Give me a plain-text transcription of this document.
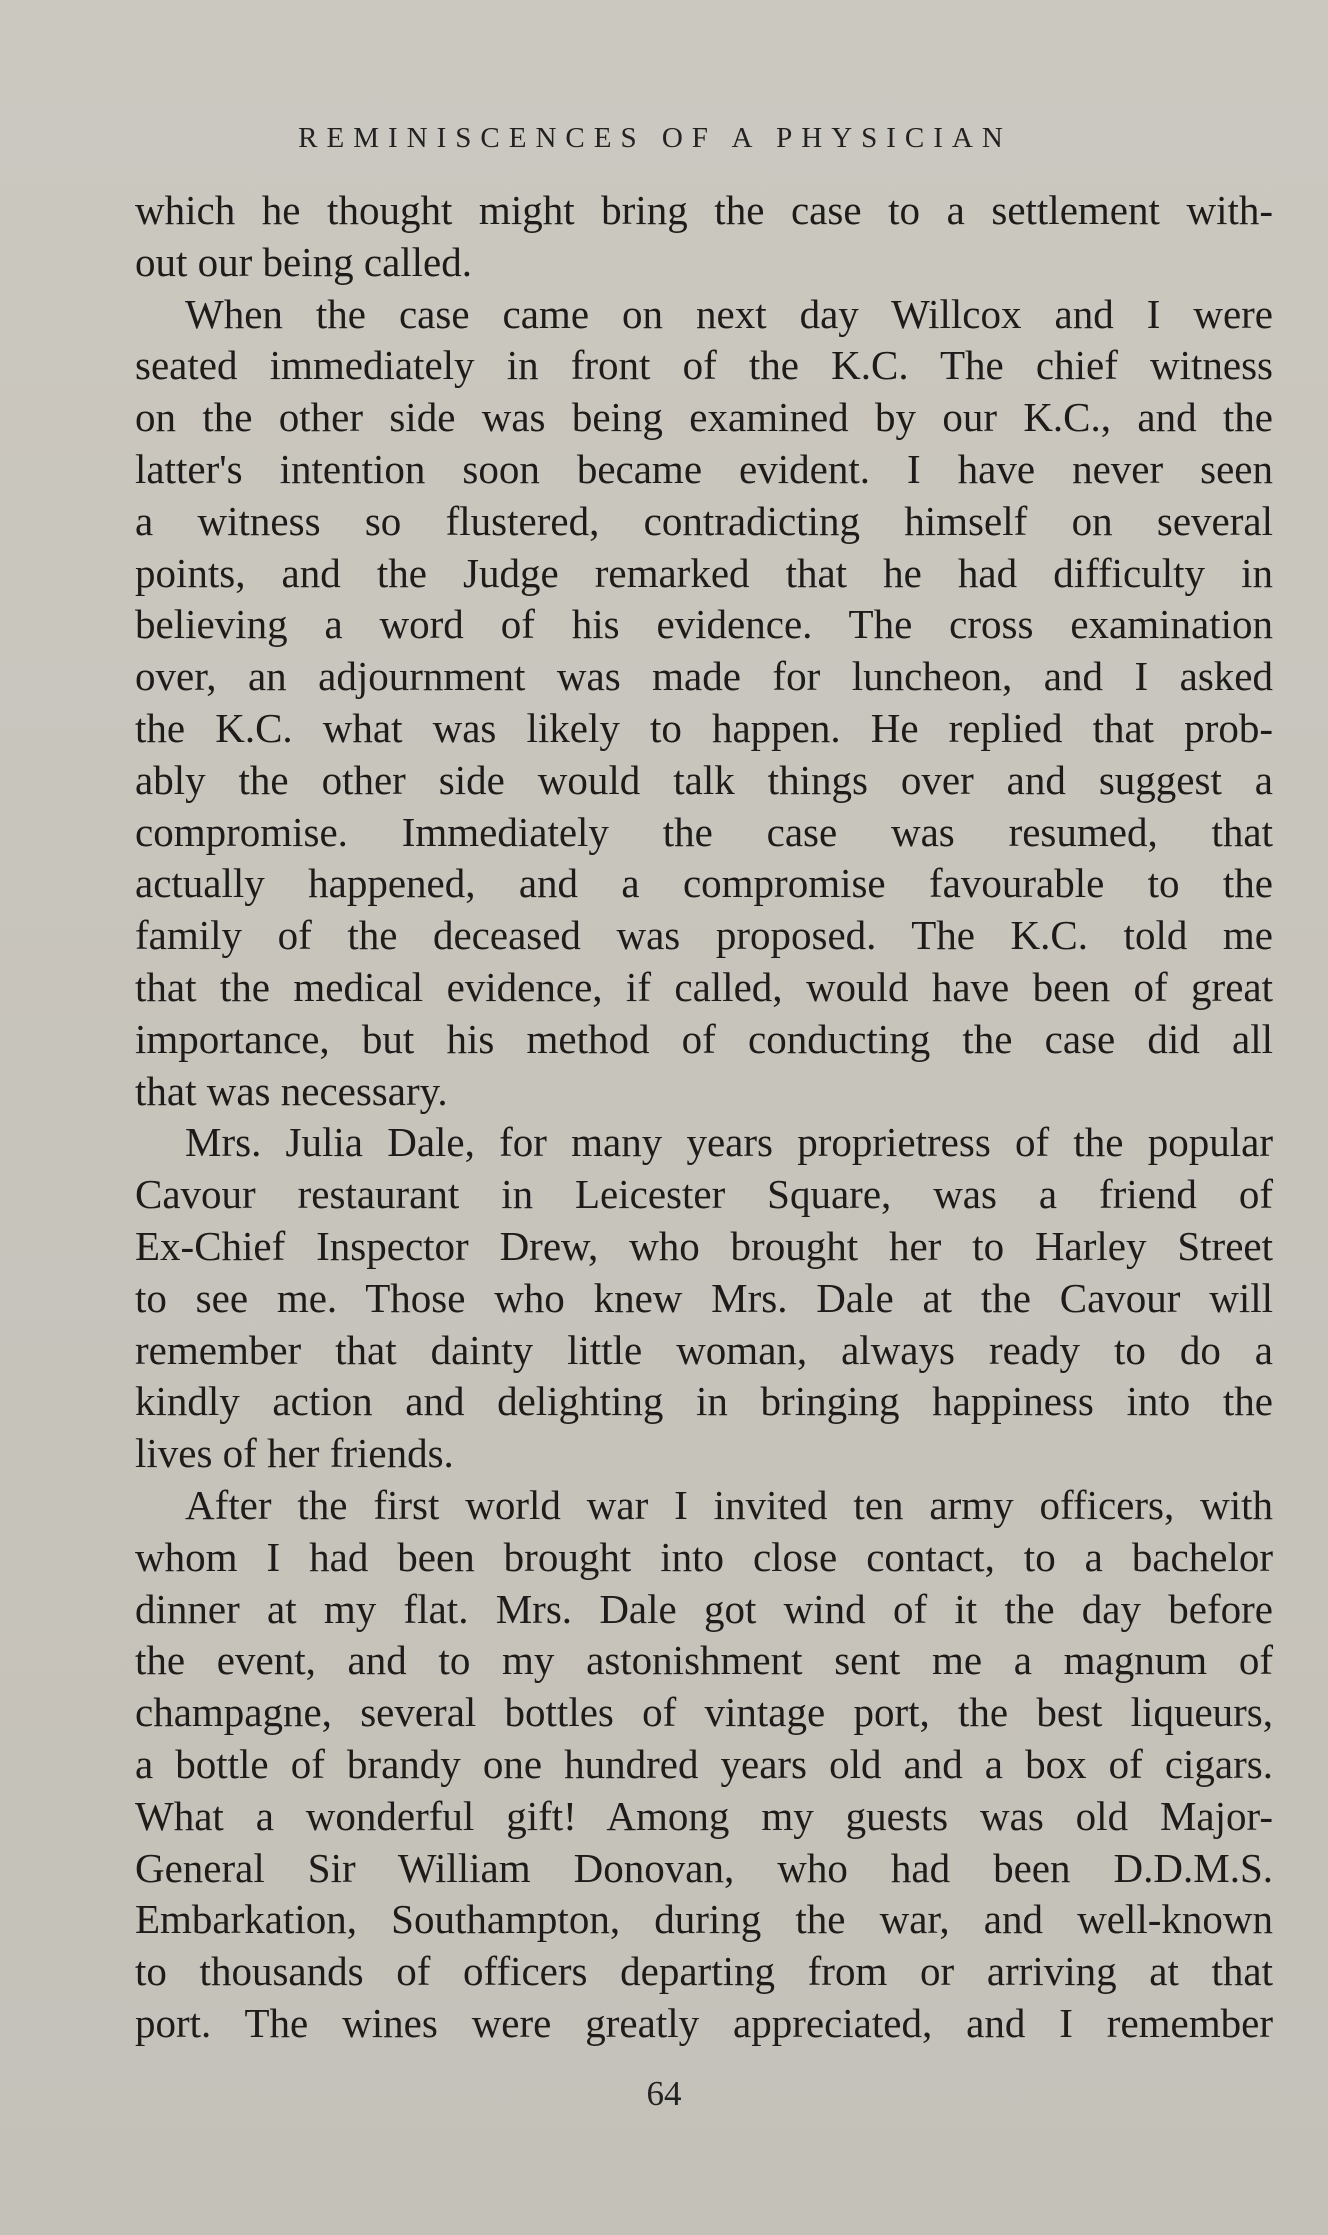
REMINISCENCES OF A PHYSICIAN
which he thought might bring the case to a settlement with-
out our being called.
When the case came on next day Willcox and I were
seated immediately in front of the K.C. The chief witness
on the other side was being examined by our K.C., and the
latter's intention soon became evident. I have never seen
a witness so flustered, contradicting himself on several
points, and the Judge remarked that he had difficulty in
believing a word of his evidence. The cross examination
over, an adjournment was made for luncheon, and I asked
the K.C. what was likely to happen. He replied that prob-
ably the other side would talk things over and suggest a
compromise. Immediately the case was resumed, that
actually happened, and a compromise favourable to the
family of the deceased was proposed. The K.C. told me
that the medical evidence, if called, would have been of great
importance, but his method of conducting the case did all
that was necessary.
Mrs. Julia Dale, for many years proprietress of the popular
Cavour restaurant in Leicester Square, was a friend of
Ex-Chief Inspector Drew, who brought her to Harley Street
to see me. Those who knew Mrs. Dale at the Cavour will
remember that dainty little woman, always ready to do a
kindly action and delighting in bringing happiness into the
lives of her friends.
After the first world war I invited ten army officers, with
whom I had been brought into close contact, to a bachelor
dinner at my flat. Mrs. Dale got wind of it the day before
the event, and to my astonishment sent me a magnum of
champagne, several bottles of vintage port, the best liqueurs,
a bottle of brandy one hundred years old and a box of cigars.
What a wonderful gift! Among my guests was old Major-
General Sir William Donovan, who had been D.D.M.S.
Embarkation, Southampton, during the war, and well-known
to thousands of officers departing from or arriving at that
port. The wines were greatly appreciated, and I remember
64
